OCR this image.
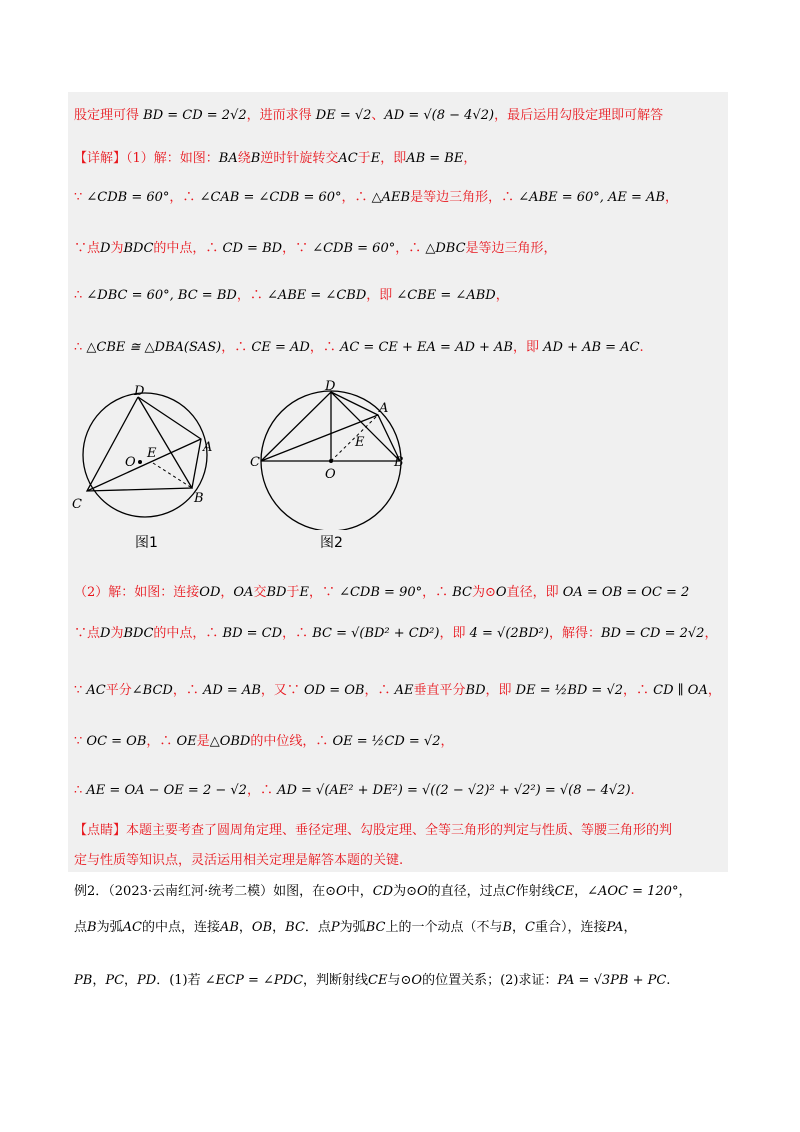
股定理可得 BD = CD = 2√2，进而求得 DE = √2、AD = √(8 − 4√2)，最后运用勾股定理即可解答
【详解】（1）解：如图：BA绕B逆时针旋转交AC于E，即AB = BE，
∵ ∠CDB = 60°，∴ ∠CAB = ∠CDB = 60°，∴ △AEB是等边三角形，∴ ∠ABE = 60°, AE = AB，
∵点D为BDC的中点，∴ CD = BD，∵ ∠CDB = 60°，∴ △DBC是等边三角形，
∴ ∠DBC = 60°, BC = BD，∴ ∠ABE = ∠CBD，即 ∠CBE = ∠ABD，
∴ △CBE ≅ △DBA(SAS)，∴ CE = AD，∴ AC = CE + EA = AD + AB，即 AD + AB = AC.
（2）解：如图：连接OD，OA交BD于E，∵ ∠CDB = 90°，∴ BC为⊙O直径，即 OA = OB = OC = 2
∵点D为BDC的中点，∴ BD = CD，∴ BC = √(BD² + CD²)，即 4 = √(2BD²)，解得：BD = CD = 2√2，
∵ AC平分∠BCD，∴ AD = AB，又∵ OD = OB，∴ AE垂直平分BD，即 DE = ½BD = √2，∴ CD ∥ OA，
∵ OC = OB，∴ OE是△OBD的中位线，∴ OE = ½CD = √2，
∴ AE = OA − OE = 2 − √2，∴ AD = √(AE² + DE²) = √((2 − √2)² + √2²) = √(8 − 4√2).
【点睛】本题主要考查了圆周角定理、垂径定理、勾股定理、全等三角形的判定与性质、等腰三角形的判
定与性质等知识点，灵活运用相关定理是解答本题的关键.
例2．（2023·云南红河·统考二模）如图，在⊙O中，CD为⊙O的直径，过点C作射线CE，∠AOC = 120°，
点B为弧AC的中点，连接AB，OB，BC．点P为弧BC上的一个动点（不与B，C重合），连接PA，
PB，PC，PD．(1)若 ∠ECP = ∠PDC，判断射线CE与⊙O的位置关系；(2)求证：PA = √3PB + PC.
D
A
O
E
C	B
图1
D
A
E
C
O
B
图2
